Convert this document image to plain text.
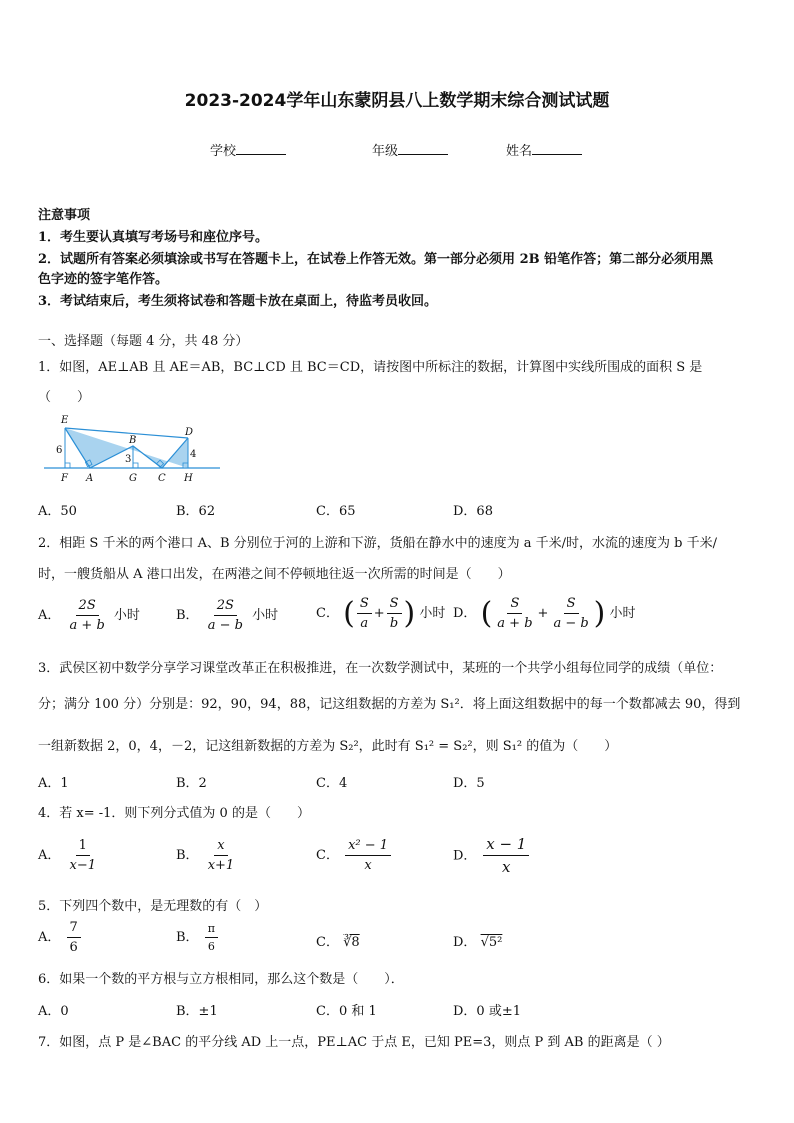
2023-2024学年山东蒙阴县八上数学期末综合测试试题
学校	年级	姓名
注意事项
1．考生要认真填写考场号和座位序号。
2．试题所有答案必须填涂或书写在答题卡上，在试卷上作答无效。第一部分必须用 2B 铅笔作答；第二部分必须用黑
色字迹的签字笔作答。
3．考试结束后，考生须将试卷和答题卡放在桌面上，待监考员收回。
一、选择题（每题 4 分，共 48 分）
1．如图，AE⊥AB 且 AE＝AB，BC⊥CD 且 BC＝CD，请按图中所标注的数据，计算图中实线所围成的面积 S 是
（　　）
E
B
D
F A	G C H
6
3	4
A．50	B．62	C．65	D．68
2．相距 S 千米的两个港口 A、B 分别位于河的上游和下游，货船在静水中的速度为 a 千米/时，水流的速度为 b 千米/
时，一艘货船从 A 港口出发，在两港之间不停顿地往返一次所需的时间是（　　）
A． $\frac{2S}{a + b}$ 小时	B． $\frac{2S}{a - b}$ 小时	C． ( $\frac{S}{a} + \frac{S}{b}$ ) 小时 D． ( $\frac{S}{a + b} + \frac{S}{a - b}$ ) 小时
3．武侯区初中数学分享学习课堂改革正在积极推进，在一次数学测试中，某班的一个共学小组每位同学的成绩（单位：
分；满分 100 分）分别是：92，90，94，88，记这组数据的方差为 S₁²．将上面这组数据中的每一个数都减去 90，得到
一组新数据 2，0，4，－2，记这组新数据的方差为 S₂²，此时有 S₁² = S₂²，则 S₁² 的值为（　　）
A．1	B．2	C．4	D．5
4．若 x= -1．则下列分式值为 0 的是（　　）
A． $\frac{1}{x-1}$	B． $\frac{x}{x+1}$	C． $\frac{\text{x² − 1}}{x}$	D． $\frac{x - 1}{x}$
5．下列四个数中，是无理数的有（　）
A． $\frac{7}{6}$	B． $\frac{\pi}{6}$	C． ∛8	D． √5²
6．如果一个数的平方根与立方根相同，那么这个数是（　　）．
A．0	B．±1	C．0 和 1	D．0 或±1
7．如图，点 P 是∠BAC 的平分线 AD 上一点，PE⊥AC 于点 E，已知 PE=3，则点 P 到 AB 的距离是（ ）
